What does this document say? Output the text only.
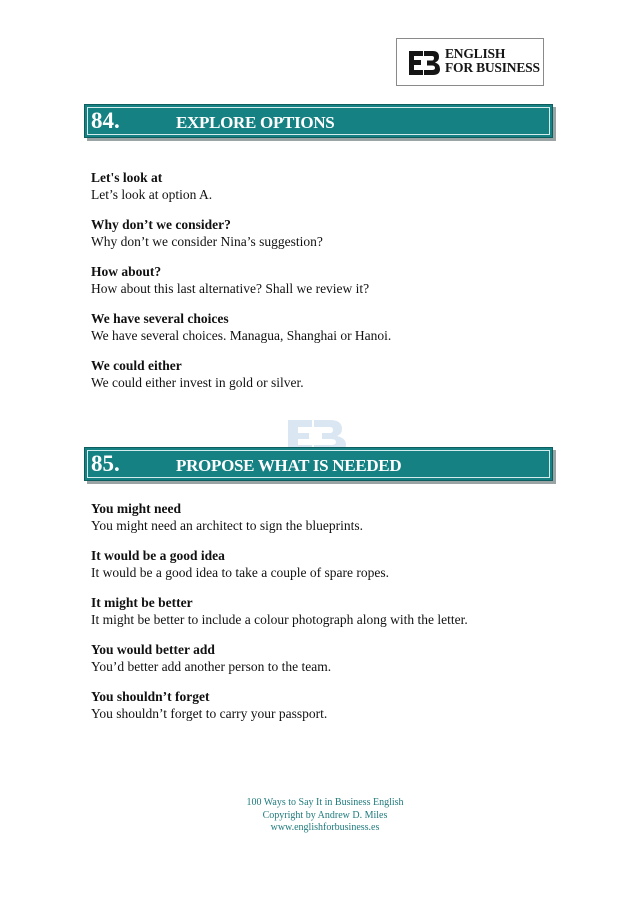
ENGLISH
FOR BUSINESS
84.	EXPLORE OPTIONS
Let's look at
Let’s look at option A.
Why don’t we consider?
Why don’t we consider Nina’s suggestion?
How about?
How about this last alternative? Shall we review it?
We have several choices
We have several choices. Managua, Shanghai or Hanoi.
We could either
We could either invest in gold or silver.
85.	PROPOSE WHAT IS NEEDED
You might need
You might need an architect to sign the blueprints.
It would be a good idea
It would be a good idea to take a couple of spare ropes.
It might be better
It might be better to include a colour photograph along with the letter.
You would better add
You’d better add another person to the team.
You shouldn’t forget
You shouldn’t forget to carry your passport.
100 Ways to Say It in Business English
Copyright by Andrew D. Miles
www.englishforbusiness.es
